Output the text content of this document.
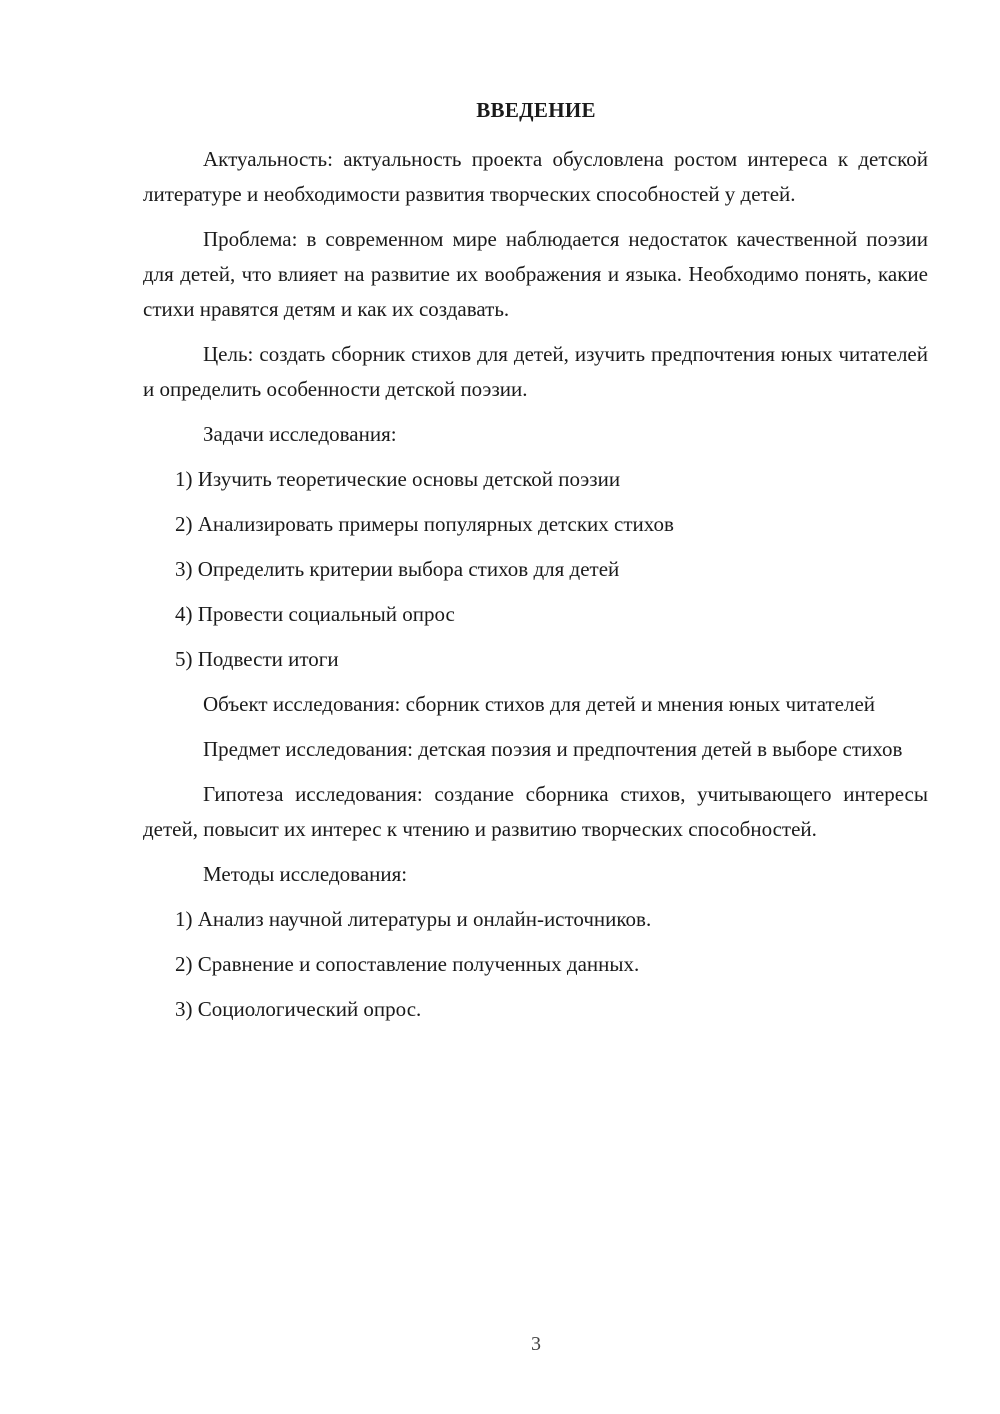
ВВЕДЕНИЕ

Актуальность: актуальность проекта обусловлена ростом интереса к детской литературе и необходимости развития творческих способностей у детей.

Проблема: в современном мире наблюдается недостаток качественной поэзии для детей, что влияет на развитие их воображения и языка. Необходимо понять, какие стихи нравятся детям и как их создавать.

Цель: создать сборник стихов для детей, изучить предпочтения юных читателей и определить особенности детской поэзии.

Задачи исследования:

1) Изучить теоретические основы детской поэзии

2) Анализировать примеры популярных детских стихов

3) Определить критерии выбора стихов для детей

4) Провести социальный опрос

5) Подвести итоги

Объект исследования: сборник стихов для детей и мнения юных читателей

Предмет исследования: детская поэзия и предпочтения детей в выборе стихов

Гипотеза исследования: создание сборника стихов, учитывающего интересы детей, повысит их интерес к чтению и развитию творческих способностей.

Методы исследования:

1) Анализ научной литературы и онлайн-источников.

2) Сравнение и сопоставление полученных данных.

3) Социологический опрос.

3
